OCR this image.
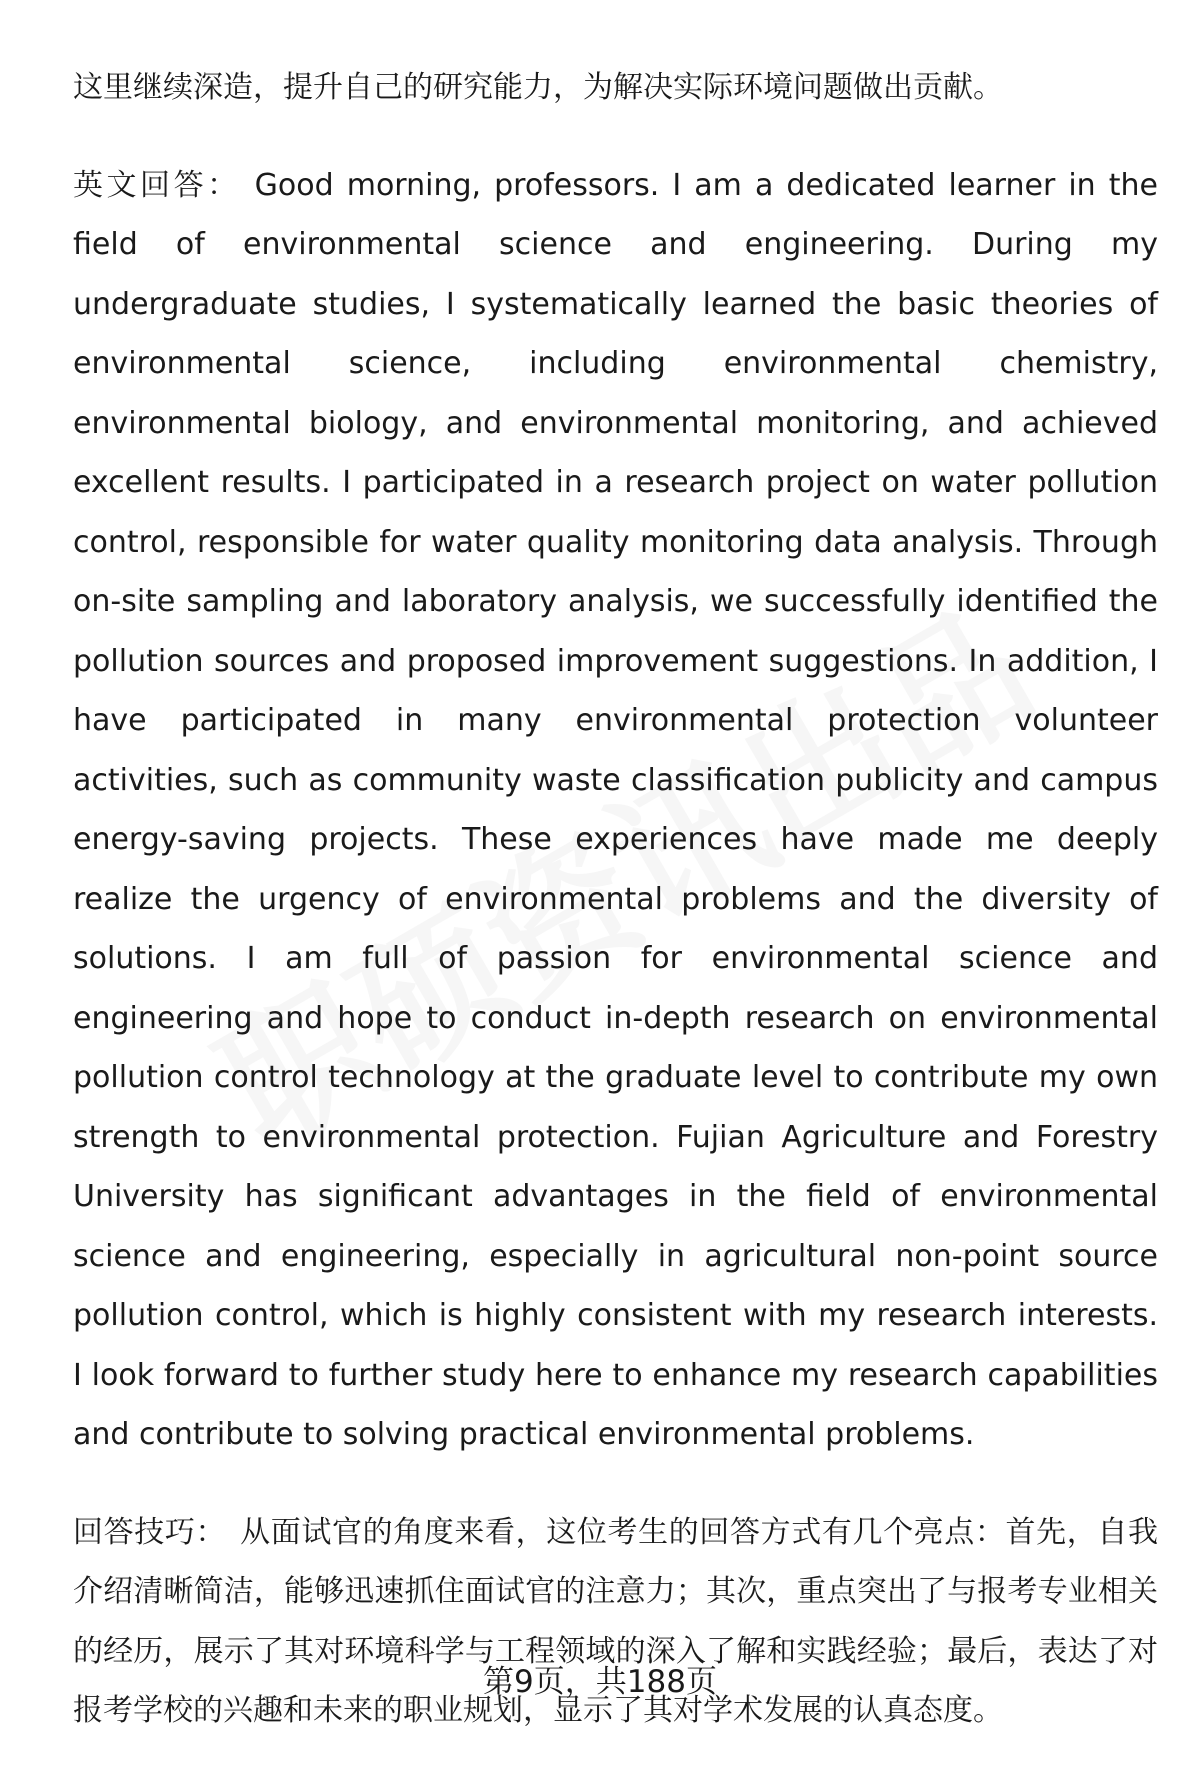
这里继续深造，提升自己的研究能力，为解决实际环境问题做出贡献。

英文回答： Good morning, professors. I am a dedicated learner in the field of environmental science and engineering. During my undergraduate studies, I systematically learned the basic theories of environmental science, including environmental chemistry, environmental biology, and environmental monitoring, and achieved excellent results. I participated in a research project on water pollution control, responsible for water quality monitoring data analysis. Through on-site sampling and laboratory analysis, we successfully identified the pollution sources and proposed improvement suggestions. In addition, I have participated in many environmental protection volunteer activities, such as community waste classification publicity and campus energy-saving projects. These experiences have made me deeply realize the urgency of environmental problems and the diversity of solutions. I am full of passion for environmental science and engineering and hope to conduct in-depth research on environmental pollution control technology at the graduate level to contribute my own strength to environmental protection. Fujian Agriculture and Forestry University has significant advantages in the field of environmental science and engineering, especially in agricultural non-point source pollution control, which is highly consistent with my research interests. I look forward to further study here to enhance my research capabilities and contribute to solving practical environmental problems.

回答技巧： 从面试官的角度来看，这位考生的回答方式有几个亮点：首先，自我介绍清晰简洁，能够迅速抓住面试官的注意力；其次，重点突出了与报考专业相关的经历，展示了其对环境科学与工程领域的深入了解和实践经验；最后，表达了对报考学校的兴趣和未来的职业规划，显示了其对学术发展的认真态度。

第9页，共188页
